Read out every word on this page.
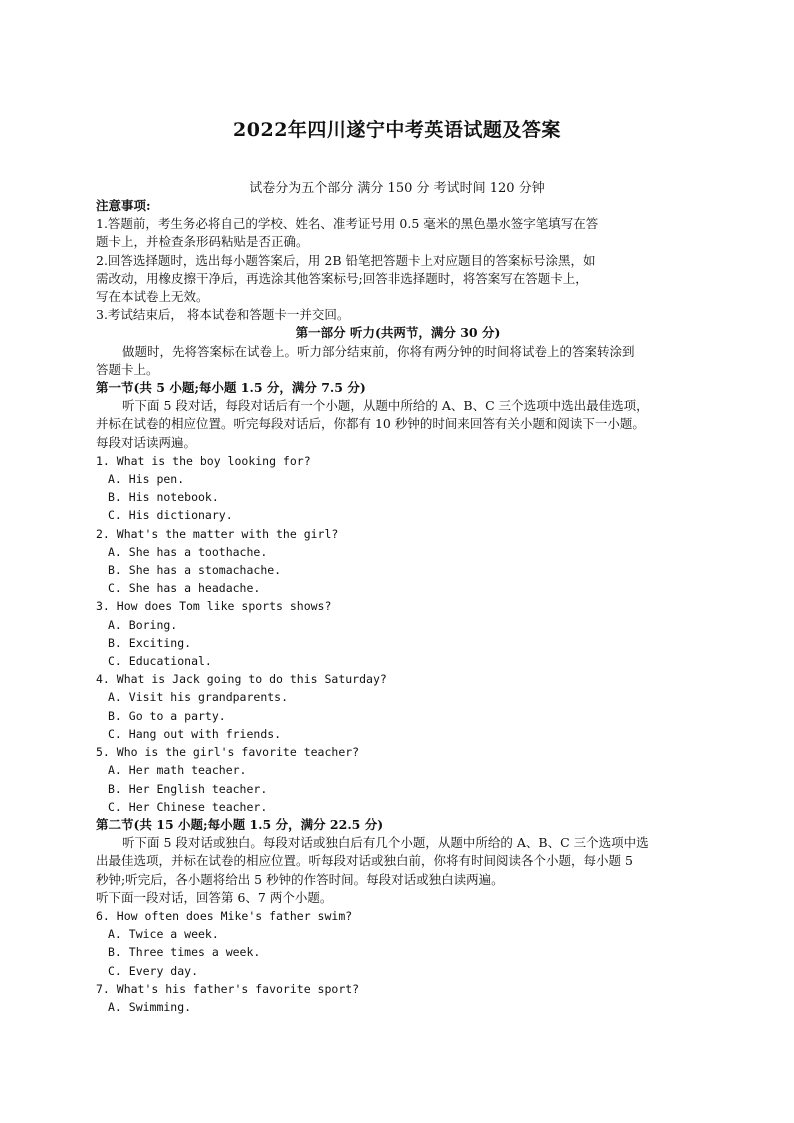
2022年四川遂宁中考英语试题及答案
试卷分为五个部分 满分 150 分 考试时间 120 分钟

注意事项:

1.答题前，考生务必将自己的学校、姓名、准考证号用 0.5 毫米的黑色墨水签字笔填写在答

题卡上，并检查条形码粘贴是否正确。

2.回答选择题时，选出每小题答案后，用 2B 铅笔把答题卡上对应题目的答案标号涂黑，如

需改动，用橡皮擦干净后，再选涂其他答案标号;回答非选择题时，将答案写在答题卡上，

写在本试卷上无效。

3.考试结束后， 将本试卷和答题卡一并交回。

第一部分 听力(共两节，满分 30 分)

做题时，先将答案标在试卷上。听力部分结束前，你将有两分钟的时间将试卷上的答案转涂到

答题卡上。

第一节(共 5 小题;每小题 1.5 分，满分 7.5 分)

听下面 5 段对话，每段对话后有一个小题，从题中所给的 A、B、C 三个选项中选出最佳选项，

并标在试卷的相应位置。听完每段对话后，你都有 10 秒钟的时间来回答有关小题和阅读下一小题。

每段对话读两遍。

1. What is the boy looking for?

A. His pen.

B. His notebook.

C. His dictionary.

2. What's the matter with the girl?

A. She has a toothache.

B. She has a stomachache.

C. She has a headache.

3. How does Tom like sports shows?

A. Boring.

B. Exciting.

C. Educational.

4. What is Jack going to do this Saturday?

A. Visit his grandparents.

B. Go to a party.

C. Hang out with friends.

5. Who is the girl's favorite teacher?

A. Her math teacher.

B. Her English teacher.

C. Her Chinese teacher.

第二节(共 15 小题;每小题 1.5 分，满分 22.5 分)

听下面 5 段对话或独白。每段对话或独白后有几个小题，从题中所给的 A、B、C 三个选项中选

出最佳选项，并标在试卷的相应位置。听每段对话或独白前，你将有时间阅读各个小题，每小题 5

秒钟;听完后，各小题将给出 5 秒钟的作答时间。每段对话或独白读两遍。

听下面一段对话，回答第 6、7 两个小题。

6. How often does Mike's father swim?

A. Twice a week.

B. Three times a week.

C. Every day.

7. What's his father's favorite sport?

A. Swimming.
